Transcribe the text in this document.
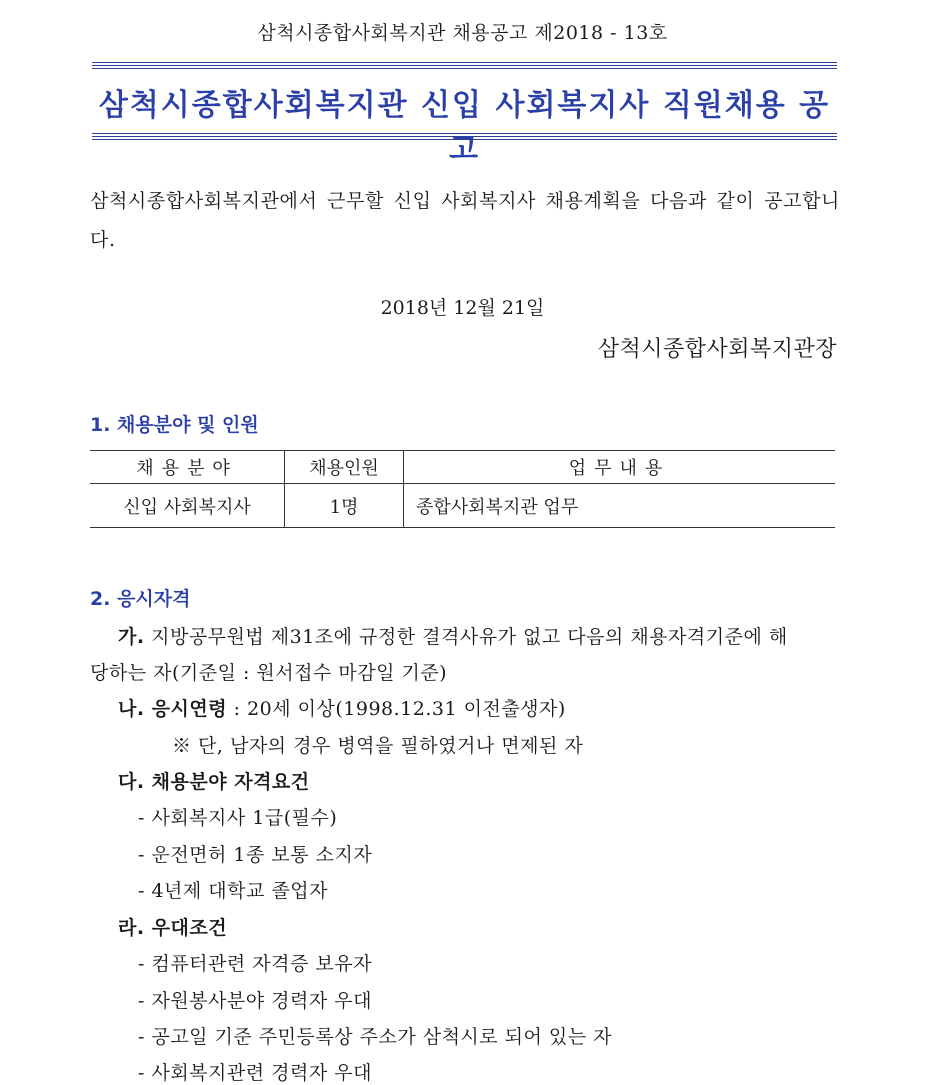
삼척시종합사회복지관 채용공고 제2018 - 13호
삼척시종합사회복지관 신입 사회복지사 직원채용 공고
삼척시종합사회복지관에서 근무할 신입 사회복지사 채용계획을 다음과 같이 공고합니다.
2018년 12월 21일
삼척시종합사회복지관장
1. 채용분야 및 인원
채용분야	채용인원	업무내용
신입 사회복지사	1명	종합사회복지관 업무
2. 응시자격
가. 지방공무원법 제31조에 규정한 결격사유가 없고 다음의 채용자격기준에 해
당하는 자(기준일 : 원서접수 마감일 기준)
나. 응시연령 : 20세 이상(1998.12.31 이전출생자)
※ 단, 남자의 경우 병역을 필하였거나 면제된 자
다. 채용분야 자격요건
- 사회복지사 1급(필수)
- 운전면허 1종 보통 소지자
- 4년제 대학교 졸업자
라. 우대조건
- 컴퓨터관련 자격증 보유자
- 자원봉사분야 경력자 우대
- 공고일 기준 주민등록상 주소가 삼척시로 되어 있는 자
- 사회복지관련 경력자 우대
